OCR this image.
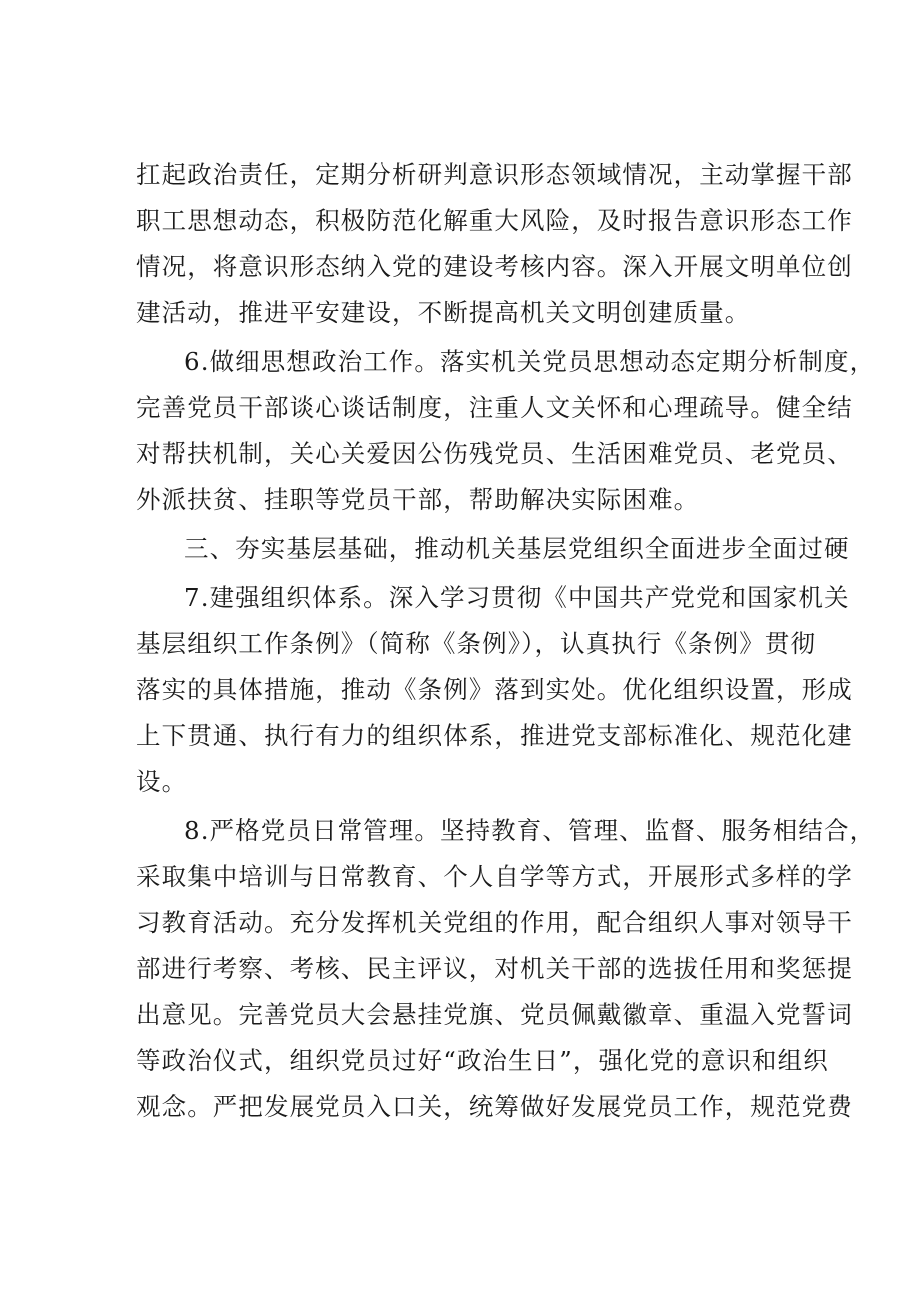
扛起政治责任，定期分析研判意识形态领域情况，主动掌握干部
职工思想动态，积极防范化解重大风险，及时报告意识形态工作
情况，将意识形态纳入党的建设考核内容。深入开展文明单位创
建活动，推进平安建设，不断提高机关文明创建质量。
6.做细思想政治工作。落实机关党员思想动态定期分析制度，
完善党员干部谈心谈话制度，注重人文关怀和心理疏导。健全结
对帮扶机制，关心关爱因公伤残党员、生活困难党员、老党员、
外派扶贫、挂职等党员干部，帮助解决实际困难。
三、夯实基层基础，推动机关基层党组织全面进步全面过硬
7.建强组织体系。深入学习贯彻《中国共产党党和国家机关
基层组织工作条例》（简称《条例》），认真执行《条例》贯彻
落实的具体措施，推动《条例》落到实处。优化组织设置，形成
上下贯通、执行有力的组织体系，推进党支部标准化、规范化建
设。
8.严格党员日常管理。坚持教育、管理、监督、服务相结合，
采取集中培训与日常教育、个人自学等方式，开展形式多样的学
习教育活动。充分发挥机关党组的作用，配合组织人事对领导干
部进行考察、考核、民主评议，对机关干部的选拔任用和奖惩提
出意见。完善党员大会悬挂党旗、党员佩戴徽章、重温入党誓词
等政治仪式，组织党员过好“政治生日”，强化党的意识和组织
观念。严把发展党员入口关，统筹做好发展党员工作，规范党费
